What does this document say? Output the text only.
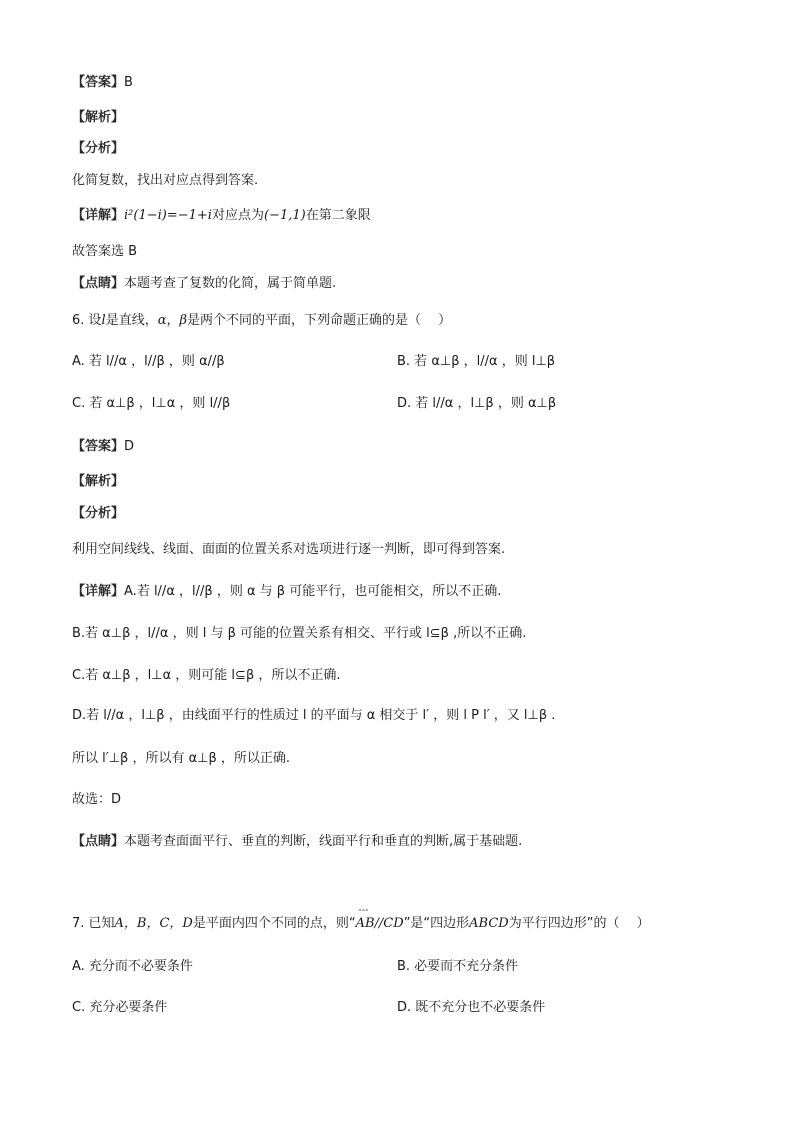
【答案】B
【解析】
【分析】
化简复数，找出对应点得到答案.
【详解】i²(1−i)=−1+i对应点为(−1,1)在第二象限
故答案选 B
【点睛】本题考查了复数的化简，属于简单题.
6. 设l是直线，α，β是两个不同的平面，下列命题正确的是（　 ）
A. 若 l//α ，l//β ，则 α//β	B. 若 α⊥β ，l//α ，则 l⊥β
C. 若 α⊥β ，l⊥α ，则 l//β	D. 若 l//α ，l⊥β ，则 α⊥β
【答案】D
【解析】
【分析】
利用空间线线、线面、面面的位置关系对选项进行逐一判断，即可得到答案.
【详解】A.若 l//α ，l//β ，则 α 与 β 可能平行，也可能相交，所以不正确.
B.若 α⊥β ，l//α ，则 l 与 β 可能的位置关系有相交、平行或 l⊆β ,所以不正确.
C.若 α⊥β ，l⊥α ，则可能 l⊆β ，所以不正确.
D.若 l//α ，l⊥β ，由线面平行的性质过 l 的平面与 α 相交于 l′ ，则 l P l′ ，又 l⊥β .
所以 l′⊥β ，所以有 α⊥β ，所以正确.
故选：D
【点睛】本题考查面面平行、垂直的判断，线面平行和垂直的判断,属于基础题.
7. 已知A，B，C，D是平面内四个不同的点，则“ˆˆˆ AB//CD”是“四边形ABCD为平行四边形”的（　 ）
A. 充分而不必要条件	B. 必要而不充分条件
C. 充分必要条件	D. 既不充分也不必要条件
